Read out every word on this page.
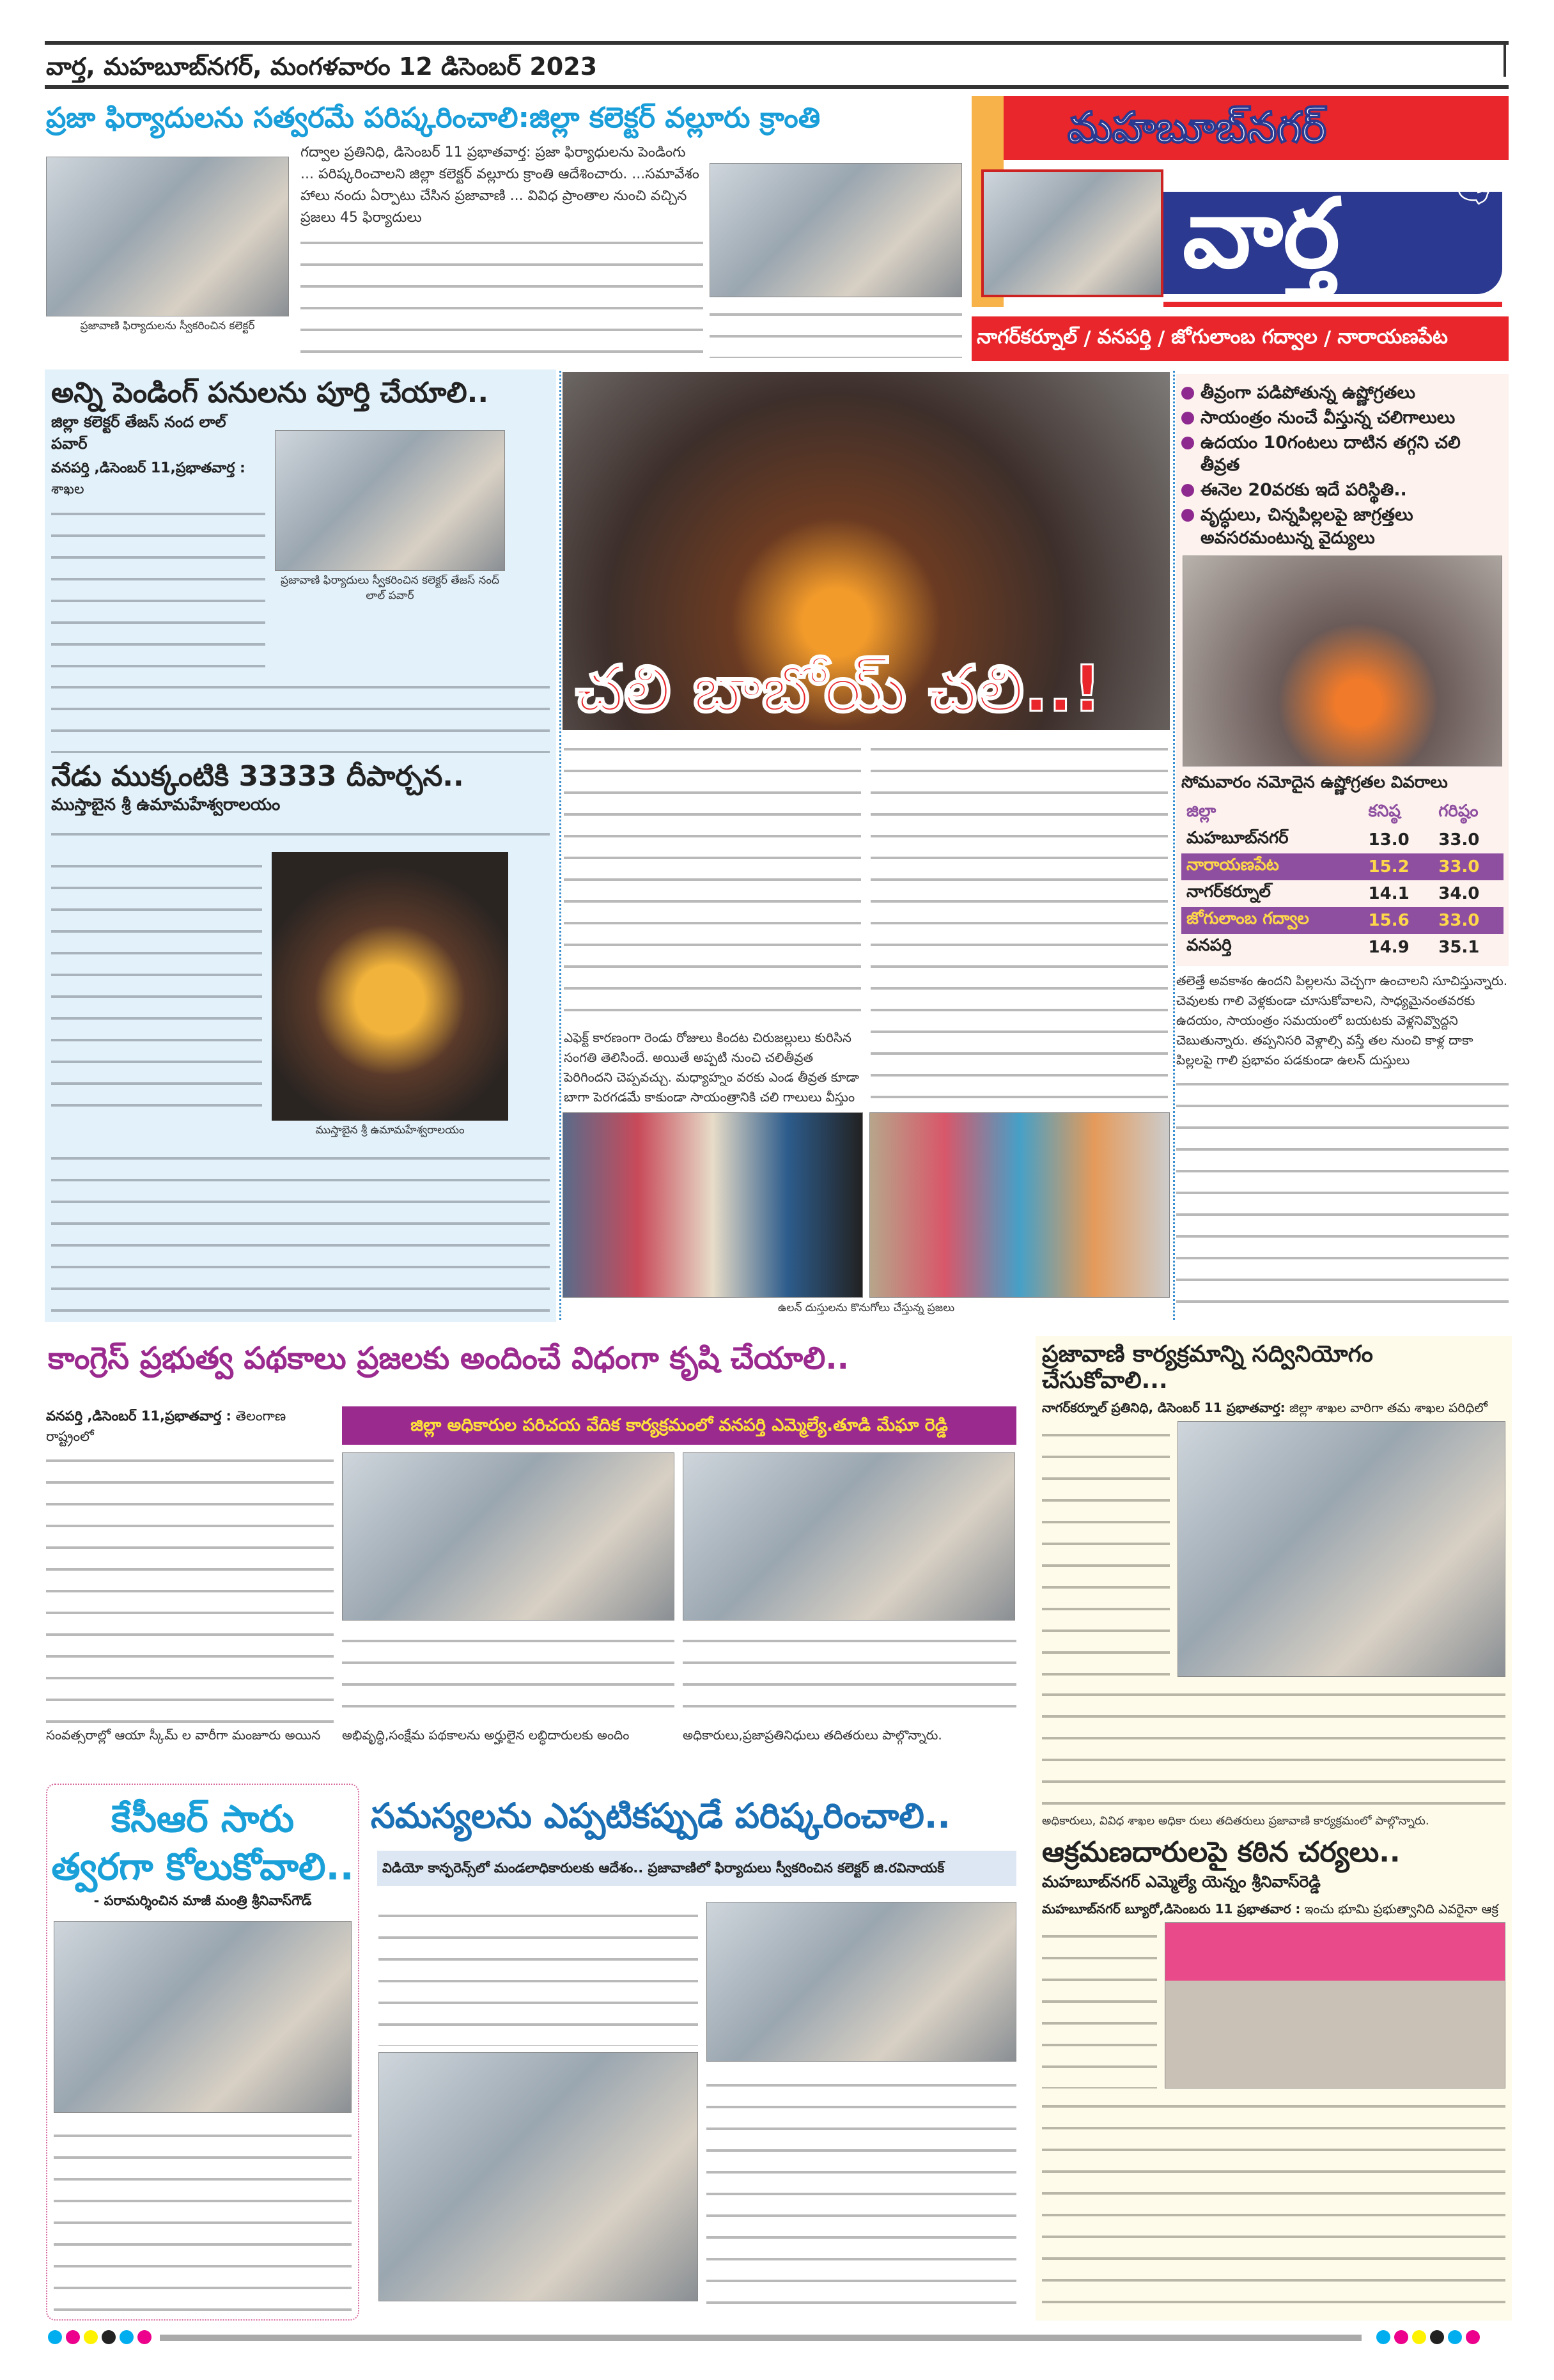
వార్త, మహబూబ్‌నగర్, మంగళవారం 12 డిసెంబర్ 2023
ప్రజా ఫిర్యాదులను సత్వరమే పరిష్కరించాలి:జిల్లా కలెక్టర్ వల్లూరు క్రాంతి
ప్రజావాణి ఫిర్యాదులను స్వీకరించిన కలెక్టర్
గద్వాల ప్రతినిధి, డిసెంబర్ 11 ప్రభాతవార్త: ప్రజా ఫిర్యాధులను పెండింగు ... పరిష్కరించాలని జిల్లా కలెక్టర్ వల్లూరు క్రాంతి ఆదేశించారు. ...సమావేశం హాలు నందు ఏర్పాటు చేసిన ప్రజావాణి ... వివిధ ప్రాంతాల నుంచి వచ్చిన ప్రజలు 45 ఫిర్యాదులు
మహబూబ్‌నగర్
వార్త	🕊
నాగర్‌కర్నూల్ / వనపర్తి / జోగులాంబ గద్వాల / నారాయణపేట
అన్ని పెండింగ్ పనులను పూర్తి చేయాలి..
జిల్లా కలెక్టర్ తేజస్ నంద లాల్ పవార్
వనపర్తి ,డిసెంబర్ 11,ప్రభాతవార్త : శాఖల
ప్రజావాణి ఫిర్యాదులు స్వీకరించిన కలెక్టర్ తేజస్ నంద్ లాల్ పవార్
నేడు ముక్కంటికి 33333 దీపార్చన..
ముస్తాబైన శ్రీ ఉమామహేశ్వరాలయం
ముస్తాబైన శ్రీ ఉమామహేశ్వరాలయం
చలి బాబోయ్ చలి..!
ఎఫెక్ట్ కారణంగా రెండు రోజులు కిందట చిరుజల్లులు కురిసిన సంగతి తెలిసిందే. అయితే అప్పటి నుంచి చలితీవ్రత పెరిగిందని చెప్పవచ్చు. మధ్యాహ్నం వరకు ఎండ తీవ్రత కూడా బాగా పెరగడమే కాకుండా సాయంత్రానికి చలి గాలులు వీస్తుం
ఉలన్ దుస్తులను కొనుగోలు చేస్తున్న ప్రజలు
తీవ్రంగా పడిపోతున్న ఉష్ణోగ్రతలు
సాయంత్రం నుంచే వీస్తున్న చలిగాలులు
ఉదయం 10గంటలు దాటిన తగ్గని చలి తీవ్రత
ఈనెల 20వరకు ఇదే పరిస్థితి..
వృద్ధులు, చిన్నపిల్లలపై జాగ్రత్తలు అవసరమంటున్న వైద్యులు
సోమవారం నమోదైన ఉష్ణోగ్రతల వివరాలు
జిల్లా	కనిష్ఠ	గరిష్ఠం
మహబూబ్‌నగర్	13.0	33.0
నారాయణపేట	15.2	33.0
నాగర్‌కర్నూల్	14.1	34.0
జోగులాంబ గద్వాల	15.6	33.0
వనపర్తి	14.9	35.1
తలెత్తే అవకాశం ఉందని పిల్లలను వెచ్చగా ఉంచాలని సూచిస్తున్నారు. చెవులకు గాలి వెళ్లకుండా చూసుకోవాలని, సాధ్యమైనంతవరకు ఉదయం, సాయంత్రం సమయంలో బయటకు వెళ్లనివ్వొద్దని చెబుతున్నారు. తప్పనిసరి వెళ్లాల్సి వస్తే తల నుంచి కాళ్ల దాకా పిల్లలపై గాలి ప్రభావం పడకుండా ఉలన్ దుస్తులు
కాంగ్రెస్ ప్రభుత్వ పథకాలు ప్రజలకు అందించే విధంగా కృషి చేయాలి..
వనపర్తి ,డిసెంబర్ 11,ప్రభాతవార్త : తెలంగాణ రాష్ట్రంలో
సంవత్సరాల్లో ఆయా స్కీమ్ ల వారీగా మంజూరు అయిన
జిల్లా అధికారుల పరిచయ వేదిక కార్యక్రమంలో వనపర్తి ఎమ్మెల్యే.తూడి మేఘా రెడ్డి
అభివృద్ధి,సంక్షేమ పథకాలను అర్హులైన లబ్ధిదారులకు అందిం	అధికారులు,ప్రజాప్రతినిధులు తదితరులు పాల్గొన్నారు.
ప్రజావాణి కార్యక్రమాన్ని సద్వినియోగం చేసుకోవాలి...
నాగర్‌కర్నూల్ ప్రతినిధి, డిసెంబర్ 11 ప్రభాతవార్త: జిల్లా శాఖల వారిగా తమ శాఖల పరిధిలో
అధికారులు, వివిధ శాఖల అధికా రులు తదితరులు ప్రజావాణి కార్యక్రమంలో పాల్గొన్నారు.
ఆక్రమణదారులపై కఠిన చర్యలు..
మహబూబ్‌నగర్ ఎమ్మెల్యే యెన్నం శ్రీనివాస్‌రెడ్డి
మహబూబ్‌నగర్ బ్యూరో,డిసెంబరు 11 ప్రభాతవార : ఇంచు భూమి ప్రభుత్వానిది ఎవరైనా ఆక్ర
కేసీఆర్ సారు
త్వరగా కోలుకోవాలి..
- పరామర్శించిన మాజీ మంత్రి శ్రీనివాస్‌గౌడ్
సమస్యలను ఎప్పటికప్పుడే పరిష్కరించాలి..
విడియో కాన్ఫరెన్స్‌లో మండలాధికారులకు ఆదేశం.. ప్రజావాణిలో ఫిర్యాదులు స్వీకరించిన కలెక్టర్ జి.రవినాయక్
